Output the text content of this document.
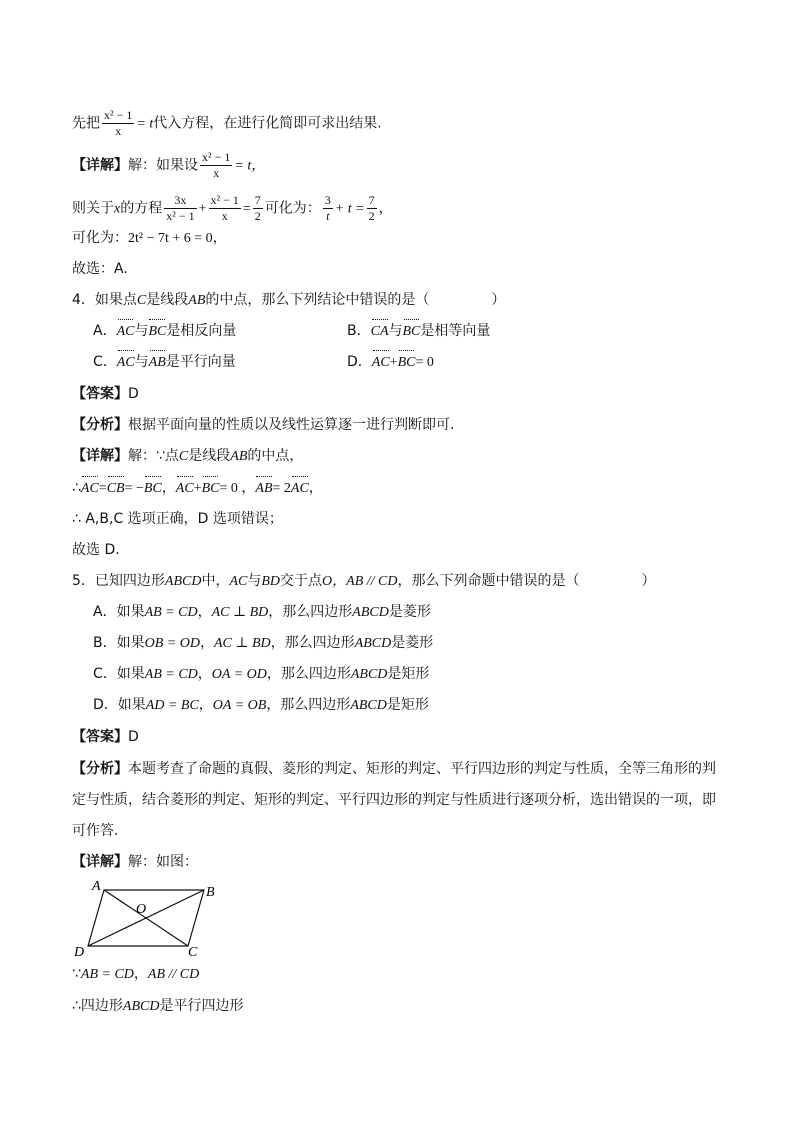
先把 $\frac{\text{x² − 1}}{x} = t$代入方程，在进行化简即可求出结果.
【详解】解：如果设 $\frac{\text{x² − 1}}{x} = t$，
则关于x的方程 $\frac{3x}{\text{x² − 1}} + \frac{\text{x² − 1}}{x} = \frac{7}{2}$ 可化为： $\frac{3}{t} + t = \frac{7}{2}$ ，
可化为：2t² − 7t + 6 = 0，
故选：A.
4．如果点C是线段AB的中点，那么下列结论中错误的是（	）
A．AC与BC是相反向量	B．CA与BC是相等向量
C．AC与AB是平行向量	D．AC+BC= 0
【答案】D
【分析】根据平面向量的性质以及线性运算逐一进行判断即可.
【详解】解：∵点C是线段AB的中点，
∴AC=CB= −BC，AC+BC= 0 ，AB= 2AC，
∴ A,B,C 选项正确，D 选项错误；
故选 D.
5．已知四边形ABCD中，AC与BD交于点O，AB // CD，那么下列命题中错误的是（	）
A．如果AB = CD，AC ⊥ BD，那么四边形ABCD是菱形
B．如果OB = OD，AC ⊥ BD，那么四边形ABCD是菱形
C．如果AB = CD，OA = OD，那么四边形ABCD是矩形
D．如果AD = BC，OA = OB，那么四边形ABCD是矩形
【答案】D
【分析】本题考查了命题的真假、菱形的判定、矩形的判定、平行四边形的判定与性质，全等三角形的判
定与性质，结合菱形的判定、矩形的判定、平行四边形的判定与性质进行逐项分析，选出错误的一项，即
可作答.
【详解】解：如图：
A	B
C
D
O
∵AB = CD，AB // CD
∴四边形ABCD是平行四边形
